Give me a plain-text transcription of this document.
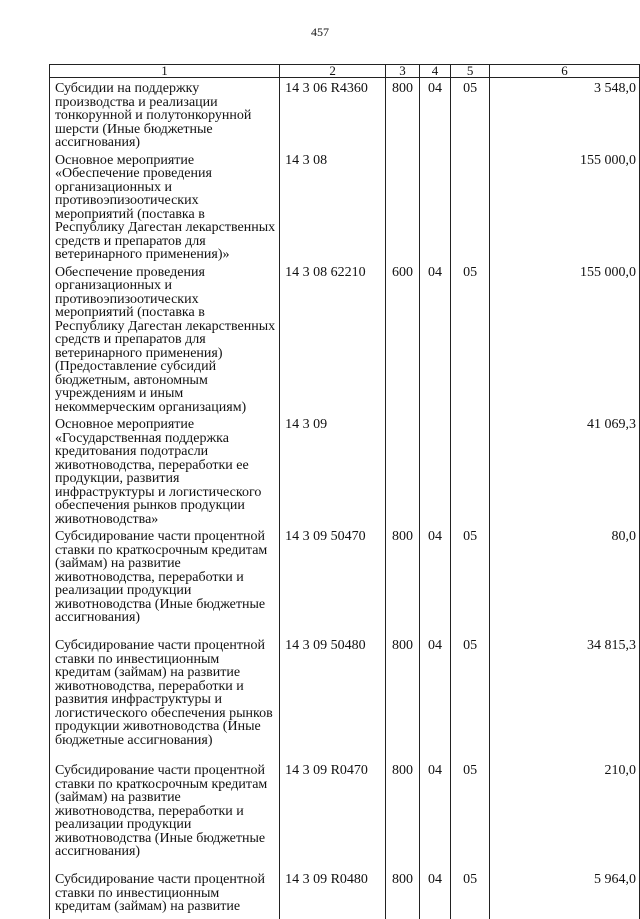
457
1	2	3	4	5	6
Субсидии на поддержку производства и реализации тонкорунной и полутонкорунной шерсти (Иные бюджетные ассигнования)	14 3 06 R4360	800	04	05	3 548,0
Основное мероприятие «Обеспечение проведения организационных и противоэпизоотических мероприятий (поставка в Республику Дагестан лекарственных средств и препаратов для ветеринарного применения)»	14 3 08				155 000,0
Обеспечение проведения организационных и противоэпизоотических мероприятий (поставка в Республику Дагестан лекарственных средств и препаратов для ветеринарного применения) (Предоставление субсидий бюджетным, автономным учреждениям и иным некоммерческим организациям)	14 3 08 62210	600	04	05	155 000,0
Основное мероприятие «Государственная поддержка кредитования подотрасли животноводства, переработки ее продукции, развития инфраструктуры и логистического обеспечения рынков продукции животноводства»	14 3 09				41 069,3
Субсидирование части процентной ставки по краткосрочным кредитам (займам) на развитие животноводства, переработки и реализации продукции животноводства (Иные бюджетные ассигнования)	14 3 09 50470	800	04	05	80,0
Субсидирование части процентной ставки по инвестиционным кредитам (займам) на развитие животноводства, переработки и развития инфраструктуры и логистического обеспечения рынков продукции животноводства (Иные бюджетные ассигнования)	14 3 09 50480	800	04	05	34 815,3
Субсидирование части процентной ставки по краткосрочным кредитам (займам) на развитие животноводства, переработки и реализации продукции животноводства (Иные бюджетные ассигнования)	14 3 09 R0470	800	04	05	210,0
Субсидирование части процентной ставки по инвестиционным кредитам (займам) на развитие	14 3 09 R0480	800	04	05	5 964,0
